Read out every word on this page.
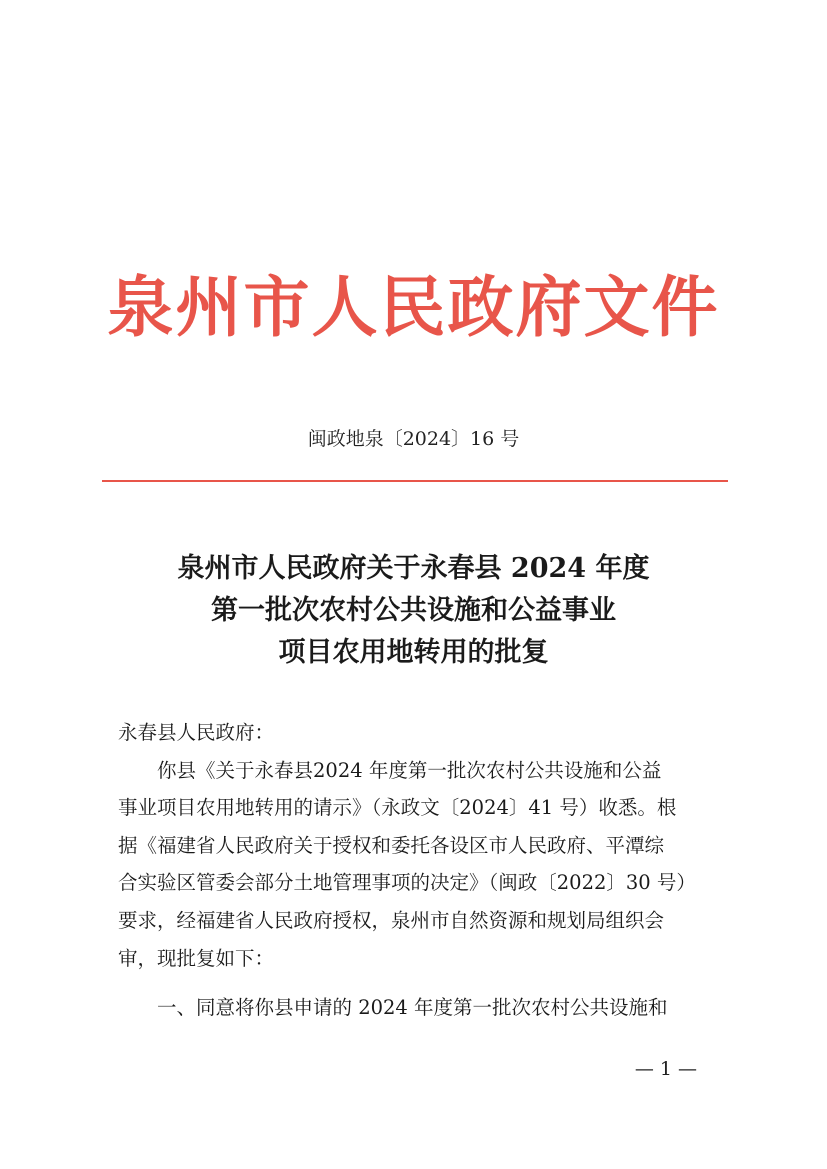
泉州市人民政府文件
闽政地泉〔2024〕16 号
泉州市人民政府关于永春县 2024 年度
第一批次农村公共设施和公益事业
项目农用地转用的批复
永春县人民政府：
　　你县《关于永春县2024 年度第一批次农村公共设施和公益
事业项目农用地转用的请示》（永政文〔2024〕41 号）收悉。根
据《福建省人民政府关于授权和委托各设区市人民政府、平潭综
合实验区管委会部分土地管理事项的决定》（闽政〔2022〕30 号）
要求，经福建省人民政府授权，泉州市自然资源和规划局组织会
审，现批复如下：
　　一、同意将你县申请的 2024 年度第一批次农村公共设施和
— 1 —
